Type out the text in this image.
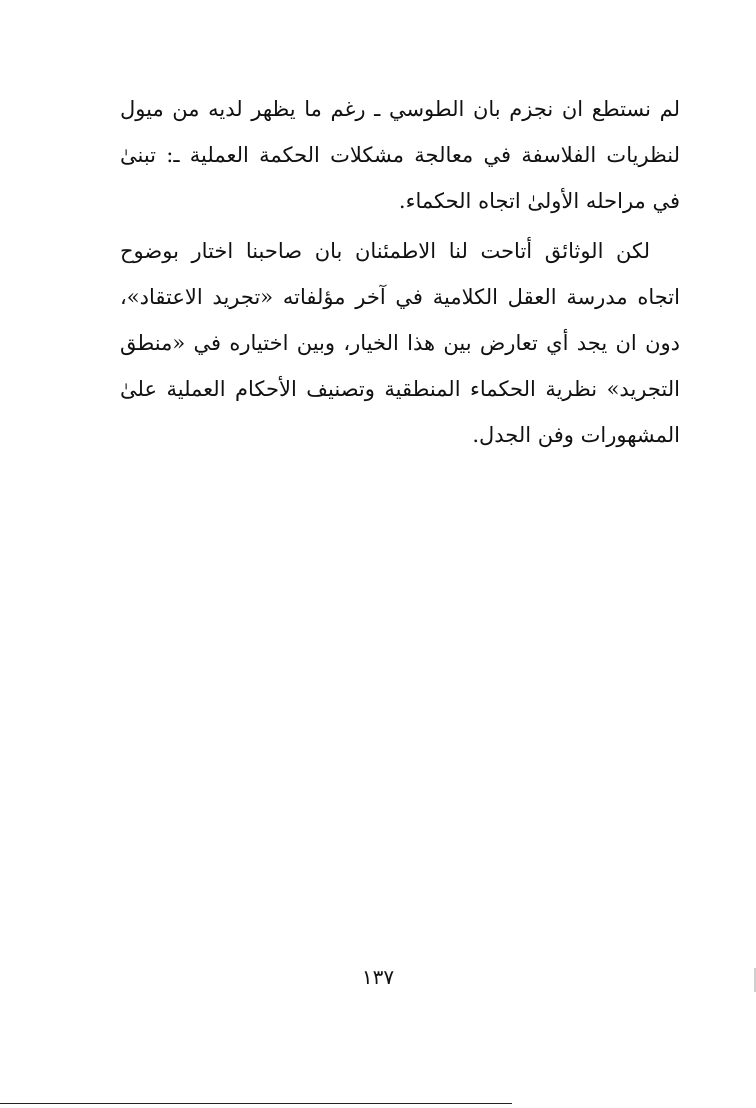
لم نستطع ان نجزم بان الطوسي ـ رغم ما يظهر لديه من ميول لنظريات الفلاسفة في معالجة مشكلات الحكمة العملية ـ: تبنىٰ في مراحله الأولىٰ اتجاه الحكماء.

لكن الوثائق أتاحت لنا الاطمئنان بان صاحبنا اختار بوضوح اتجاه مدرسة العقل الكلامية في آخر مؤلفاته «تجريد الاعتقاد»، دون ان يجد أي تعارض بين هذا الخيار، وبين اختياره في «منطق التجريد» نظرية الحكماء المنطقية وتصنيف الأحكام العملية علىٰ المشهورات وفن الجدل.

١٣٧
